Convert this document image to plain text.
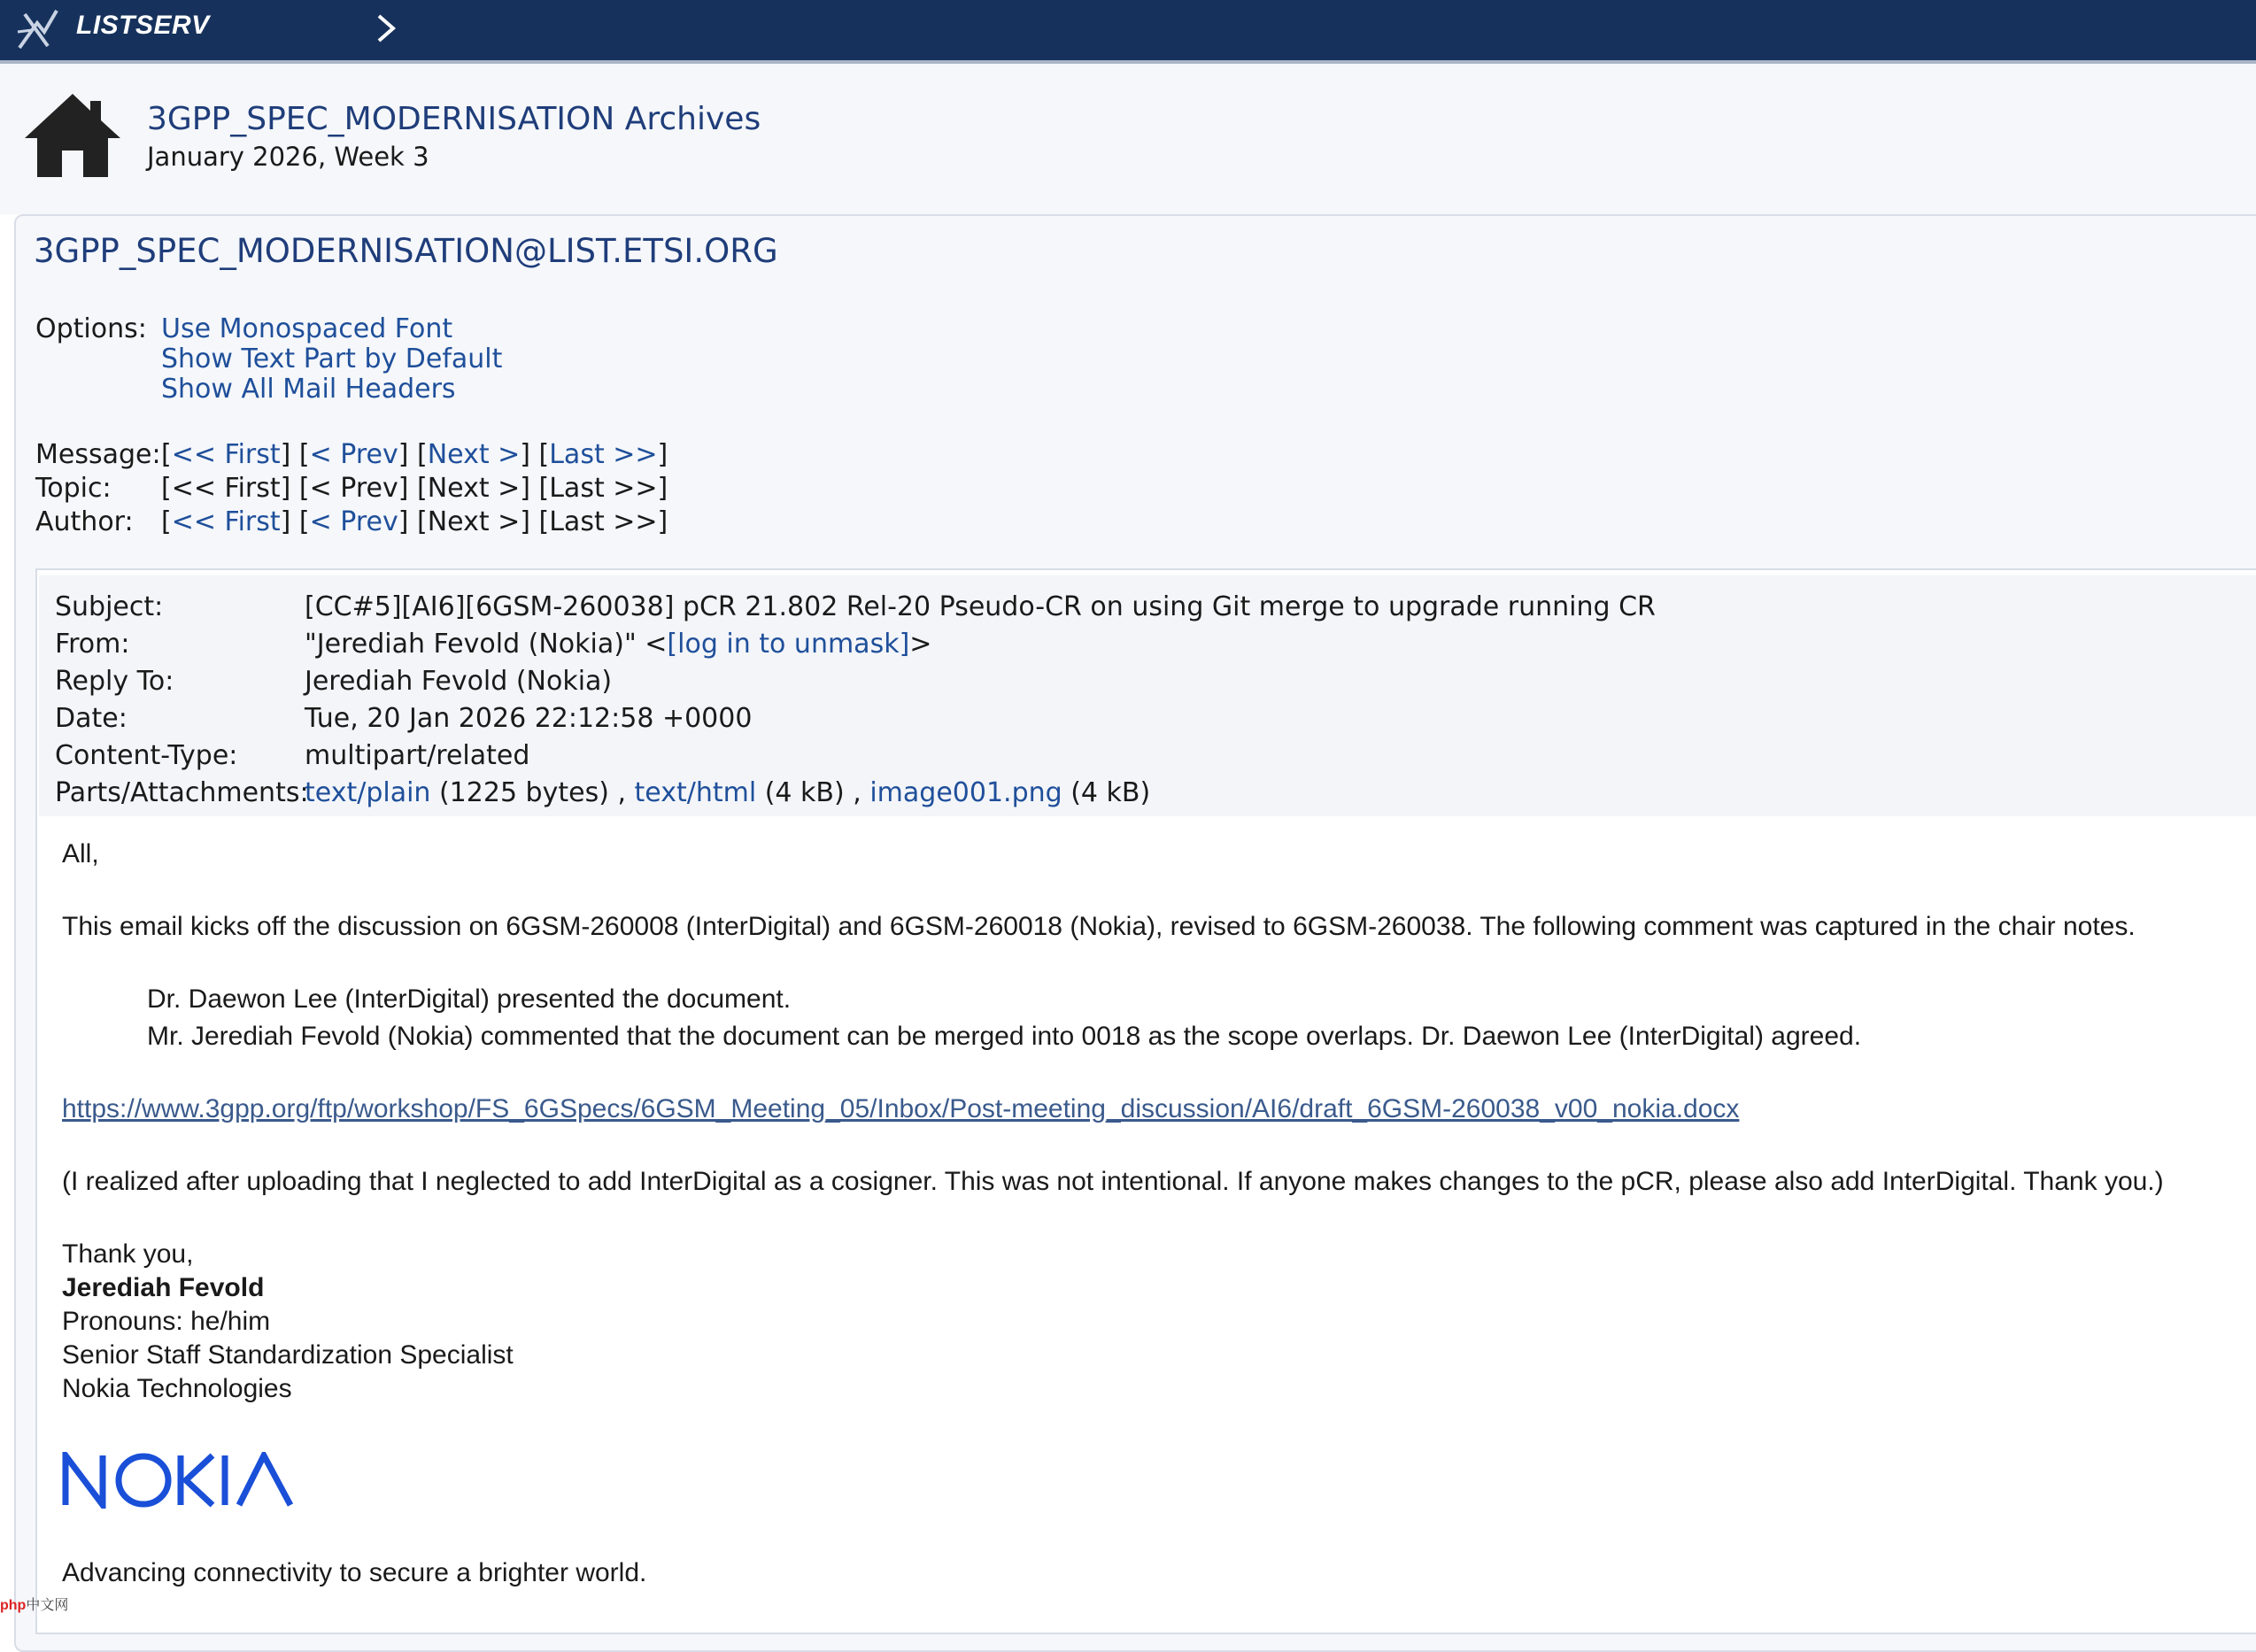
LISTSERV
3GPP_SPEC_MODERNISATION Archives
January 2026, Week 3
3GPP_SPEC_MODERNISATION@LIST.ETSI.ORG
Options: Use Monospaced Font
Show Text Part by Default
Show All Mail Headers
Message: [<< First] [< Prev] [Next >] [Last >>]
Topic: [<< First] [< Prev] [Next >] [Last >>]
Author: [<< First] [< Prev] [Next >] [Last >>]
Subject:	[CC#5][AI6][6GSM-260038] pCR 21.802 Rel-20 Pseudo-CR on using Git merge to upgrade running CR
From:	"Jerediah Fevold (Nokia)" <[log in to unmask]>
Reply To:	Jerediah Fevold (Nokia)
Date:	Tue, 20 Jan 2026 22:12:58 +0000
Content-Type:	multipart/related
Parts/Attachments:
text/plain (1225 bytes) , text/html (4 kB) , image001.png (4 kB)
All,
This email kicks off the discussion on 6GSM-260008 (InterDigital) and 6GSM-260018 (Nokia), revised to 6GSM-260038. The following comment was captured in the chair notes.
Dr. Daewon Lee (InterDigital) presented the document.
Mr. Jerediah Fevold (Nokia) commented that the document can be merged into 0018 as the scope overlaps. Dr. Daewon Lee (InterDigital) agreed.
https://www.3gpp.org/ftp/workshop/FS_6GSpecs/6GSM_Meeting_05/Inbox/Post-meeting_discussion/AI6/draft_6GSM-260038_v00_nokia.docx
(I realized after uploading that I neglected to add InterDigital as a cosigner. This was not intentional. If anyone makes changes to the pCR, please also add InterDigital. Thank you.)
Thank you,
Jerediah Fevold
Pronouns: he/him
Senior Staff Standardization Specialist
Nokia Technologies
Advancing connectivity to secure a brighter world.
php中文网
